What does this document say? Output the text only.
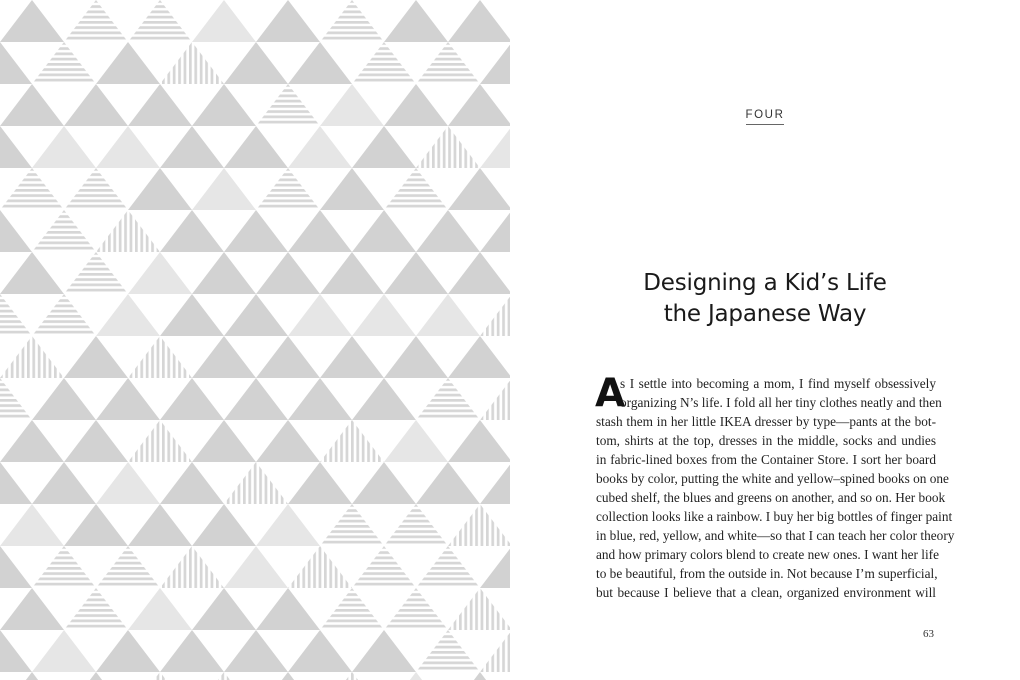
FOUR
Designing a Kid’s Life
the Japanese Way
A
s I settle into becoming a mom, I find myself obsessively
organizing N’s life. I fold all her tiny clothes neatly and then
stash them in her little IKEA dresser by type—pants at the bot-
tom, shirts at the top, dresses in the middle, socks and undies
in fabric-lined boxes from the Container Store. I sort her board
books by color, putting the white and yellow–spined books on one
cubed shelf, the blues and greens on another, and so on. Her book
collection looks like a rainbow. I buy her big bottles of finger paint
in blue, red, yellow, and white—so that I can teach her color theory
and how primary colors blend to create new ones. I want her life
to be beautiful, from the outside in. Not because I’m superficial,
but because I believe that a clean, organized environment will
63
